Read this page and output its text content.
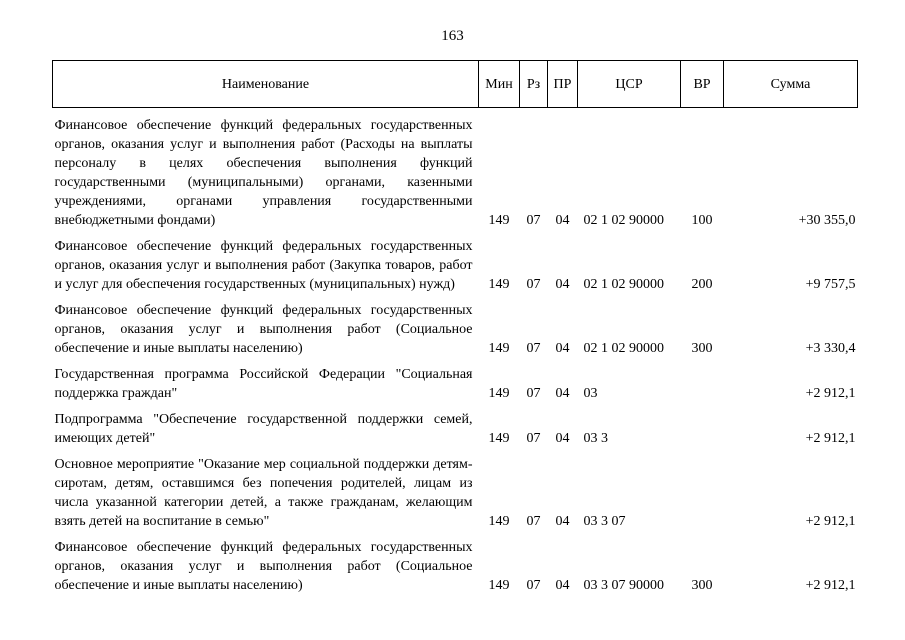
163
Наименование	Мин	Рз	ПР	ЦСР	ВР	Сумма
Финансовое обеспечение функций федеральных государственных органов, оказания услуг и выполнения работ (Расходы на выплаты персоналу в целях обеспечения выполнения функций государственными (муниципальными) органами, казенными учреждениями, органами управления государственными внебюджетными фондами)	149	07	04	02 1 02 90000	100	+30 355,0
Финансовое обеспечение функций федеральных государственных органов, оказания услуг и выполнения работ (Закупка товаров, работ и услуг для обеспечения государственных (муниципальных) нужд)	149	07	04	02 1 02 90000	200	+9 757,5
Финансовое обеспечение функций федеральных государственных органов, оказания услуг и выполнения работ (Социальное обеспечение и иные выплаты населению)	149	07	04	02 1 02 90000	300	+3 330,4
Государственная программа Российской Федерации "Социальная поддержка граждан"	149	07	04	03		+2 912,1
Подпрограмма "Обеспечение государственной поддержки семей, имеющих детей"	149	07	04	03 3		+2 912,1
Основное мероприятие "Оказание мер социальной поддержки детям-сиротам, детям, оставшимся без попечения родителей, лицам из числа указанной категории детей, а также гражданам, желающим взять детей на воспитание в семью"	149	07	04	03 3 07		+2 912,1
Финансовое обеспечение функций федеральных государственных органов, оказания услуг и выполнения работ (Социальное обеспечение и иные выплаты населению)	149	07	04	03 3 07 90000	300	+2 912,1
